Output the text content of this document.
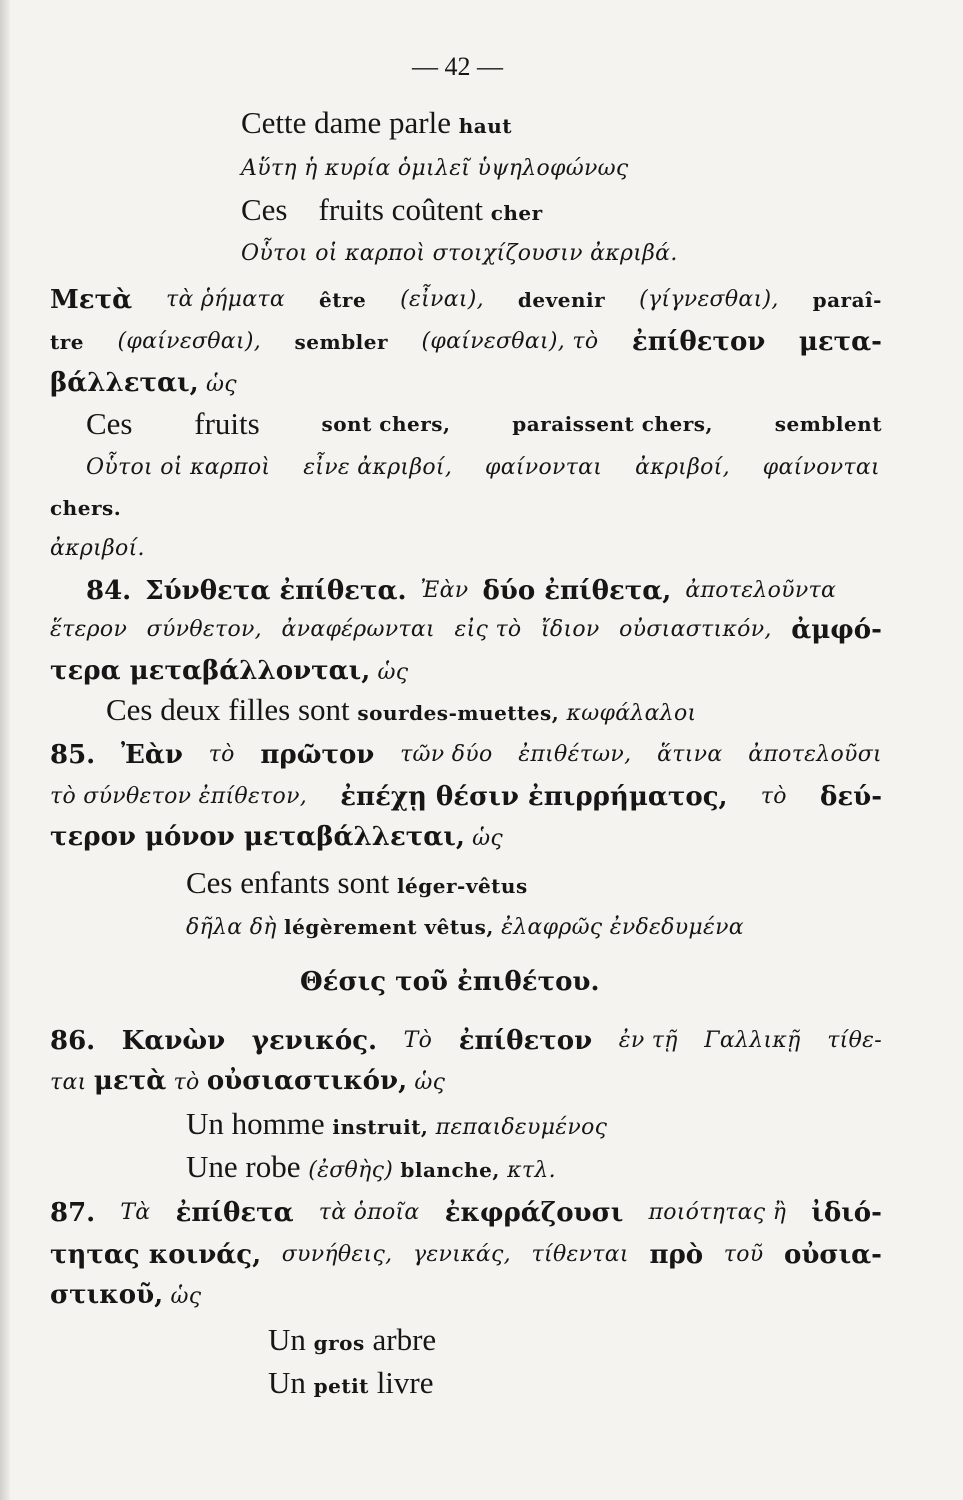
— 42 —
Cette dame parle haut
Αὕτη ἡ κυρία ὁμιλεῖ ὑψηλοφώνως
Ces    fruits coûtent cher
Οὗτοι οἱ καρποὶ στοιχίζουσιν ἀκριβά.
Μετὰ τὰ ῥήματα être (εἶναι), devenir (γίγνεσθαι), paraî-
tre (φαίνεσθαι), sembler (φαίνεσθαι), τὸ ἐπίθετον μετα-
βάλλεται, ὡς
Ces fruits	sont chers,	paraissent chers,	semblent
Οὗτοι οἱ καρποὶ εἶνε ἀκριβοί, φαίνονται ἀκριβοί, φαίνονται
chers.
ἀκριβοί.
84. Σύνθετα ἐπίθετα. Ἐὰν δύο ἐπίθετα, ἀποτελοῦντα
ἕτερον σύνθετον, ἀναφέρωνται εἰς τὸ ἴδιον οὐσιαστικόν, ἀμφό-
τερα μεταβάλλονται, ὡς
Ces deux filles sont sourdes-muettes, κωφάλαλοι
85. Ἐὰν τὸ πρῶτον τῶν δύο ἐπιθέτων, ἅτινα ἀποτελοῦσι
τὸ σύνθετον ἐπίθετον, ἐπέχῃ θέσιν ἐπιρρήματος, τὸ δεύ-
τερον μόνον μεταβάλλεται, ὡς
Ces enfants sont léger-vêtus
δῆλα δὴ légèrement vêtus, ἐλαφρῶς ἐνδεδυμένα
Θέσις τοῦ ἐπιθέτου.
86. Κανὼν γενικός. Τὸ ἐπίθετον ἐν τῇ Γαλλικῇ τίθε-
ται μετὰ τὸ οὐσιαστικόν, ὡς
Un homme instruit, πεπαιδευμένος
Une robe (ἐσθὴς) blanche, κτλ.
87. Τὰ ἐπίθετα τὰ ὁποῖα ἐκφράζουσι ποιότητας ἢ ἰδιό-
τητας κοινάς, συνήθεις, γενικάς, τίθενται πρὸ τοῦ οὐσια-
στικοῦ, ὡς
Un gros arbre
Un petit livre
